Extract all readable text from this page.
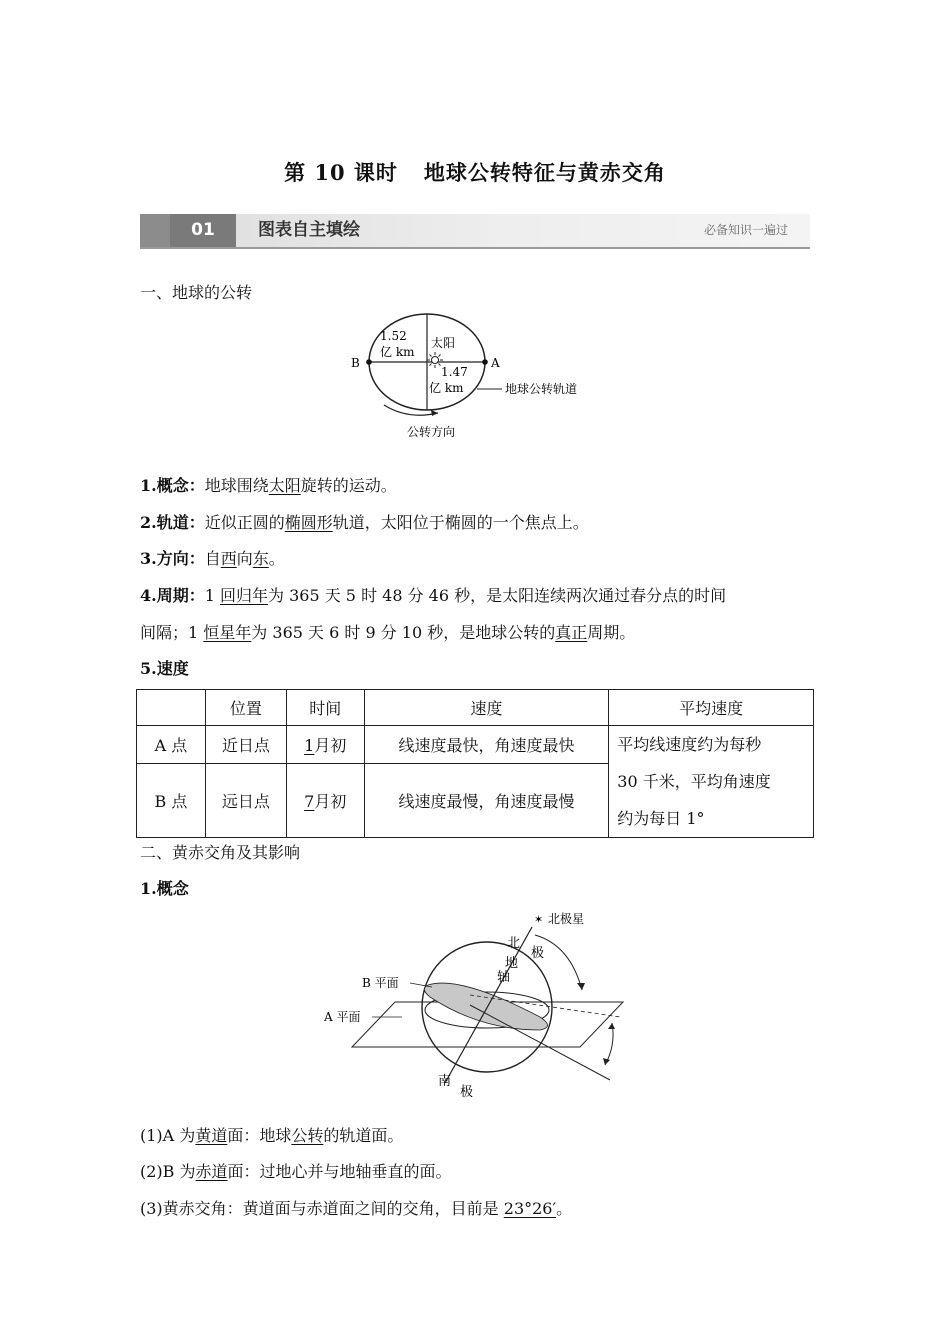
第 10 课时 地球公转特征与黄赤交角
01	图表自主填绘	必备知识一遍过
一、地球的公转
B	A
1.52
亿 km
太阳
1.47
亿 km	地球公转轨道
公转方向
1.概念：地球围绕太阳旋转的运动。
2.轨道：近似正圆的椭圆形轨道，太阳位于椭圆的一个焦点上。
3.方向：自西向东。
4.周期：1 回归年为 365 天 5 时 48 分 46 秒，是太阳连续两次通过春分点的时间
间隔；1 恒星年为 365 天 6 时 9 分 10 秒，是地球公转的真正周期。
5.速度
	位置	时间	速度	平均速度
A 点	近日点	1月初	线速度最快，角速度最快	平均线速度约为每秒
30 千米，平均角速度
约为每日 1°

B 点	远日点	7月初	线速度最慢，角速度最慢	
二、黄赤交角及其影响
1.概念
✶ 北极星
北
极
地
轴
B 平面
A 平面
南
极
(1)A 为黄道面：地球公转的轨道面。
(2)B 为赤道面：过地心并与地轴垂直的面。
(3)黄赤交角：黄道面与赤道面之间的交角，目前是 23°26′。
